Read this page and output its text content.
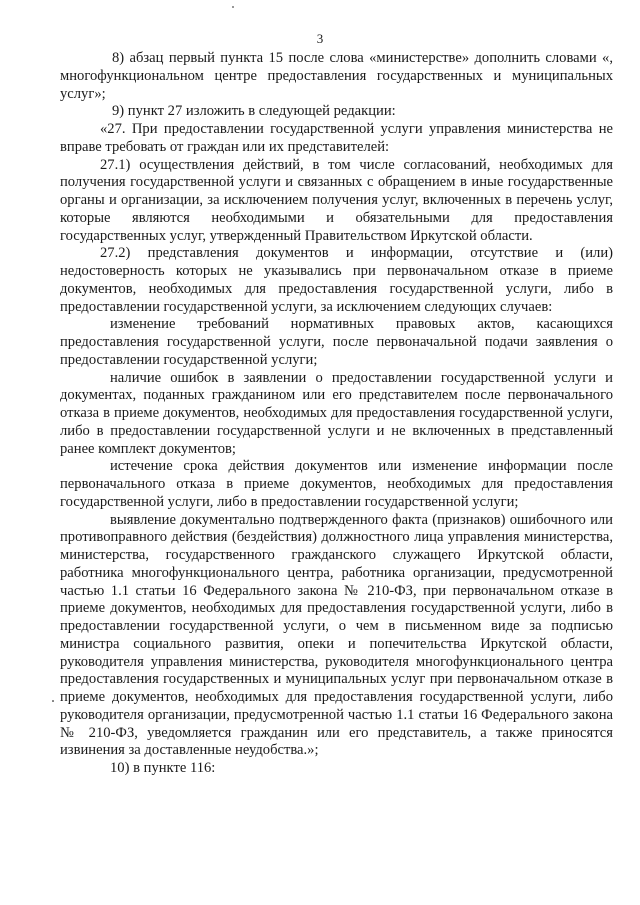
3

8) абзац первый пункта 15 после слова «министерстве» дополнить словами «, многофункциональном центре предоставления государственных и муниципальных услуг»;

9) пункт 27 изложить в следующей редакции:

«27. При предоставлении государственной услуги управления министерства не вправе требовать от граждан или их представителей:

27.1) осуществления действий, в том числе согласований, необходимых для получения государственной услуги и связанных с обращением в иные государственные органы и организации, за исключением получения услуг, включенных в перечень услуг, которые являются необходимыми и обязательными для предоставления государственных услуг, утвержденный Правительством Иркутской области.

27.2) представления документов и информации, отсутствие и (или) недостоверность которых не указывались при первоначальном отказе в приеме документов, необходимых для предоставления государственной услуги, либо в предоставлении государственной услуги, за исключением следующих случаев:

изменение требований нормативных правовых актов, касающихся предоставления государственной услуги, после первоначальной подачи заявления о предоставлении государственной услуги;

наличие ошибок в заявлении о предоставлении государственной услуги и документах, поданных гражданином или его представителем после первоначального отказа в приеме документов, необходимых для предоставления государственной услуги, либо в предоставлении государственной услуги и не включенных в представленный ранее комплект документов;

истечение срока действия документов или изменение информации после первоначального отказа в приеме документов, необходимых для предоставления государственной услуги, либо в предоставлении государственной услуги;

выявление документально подтвержденного факта (признаков) ошибочного или противоправного действия (бездействия) должностного лица управления министерства, министерства, государственного гражданского служащего Иркутской области, работника многофункционального центра, работника организации, предусмотренной частью 1.1 статьи 16 Федерального закона № 210-ФЗ, при первоначальном отказе в приеме документов, необходимых для предоставления государственной услуги, либо в предоставлении государственной услуги, о чем в письменном виде за подписью министра социального развития, опеки и попечительства Иркутской области, руководителя управления министерства, руководителя многофункционального центра предоставления государственных и муниципальных услуг при первоначальном отказе в приеме документов, необходимых для предоставления государственной услуги, либо руководителя организации, предусмотренной частью 1.1 статьи 16 Федерального закона № 210-ФЗ, уведомляется гражданин или его представитель, а также приносятся извинения за доставленные неудобства.»;

10) в пункте 116:
